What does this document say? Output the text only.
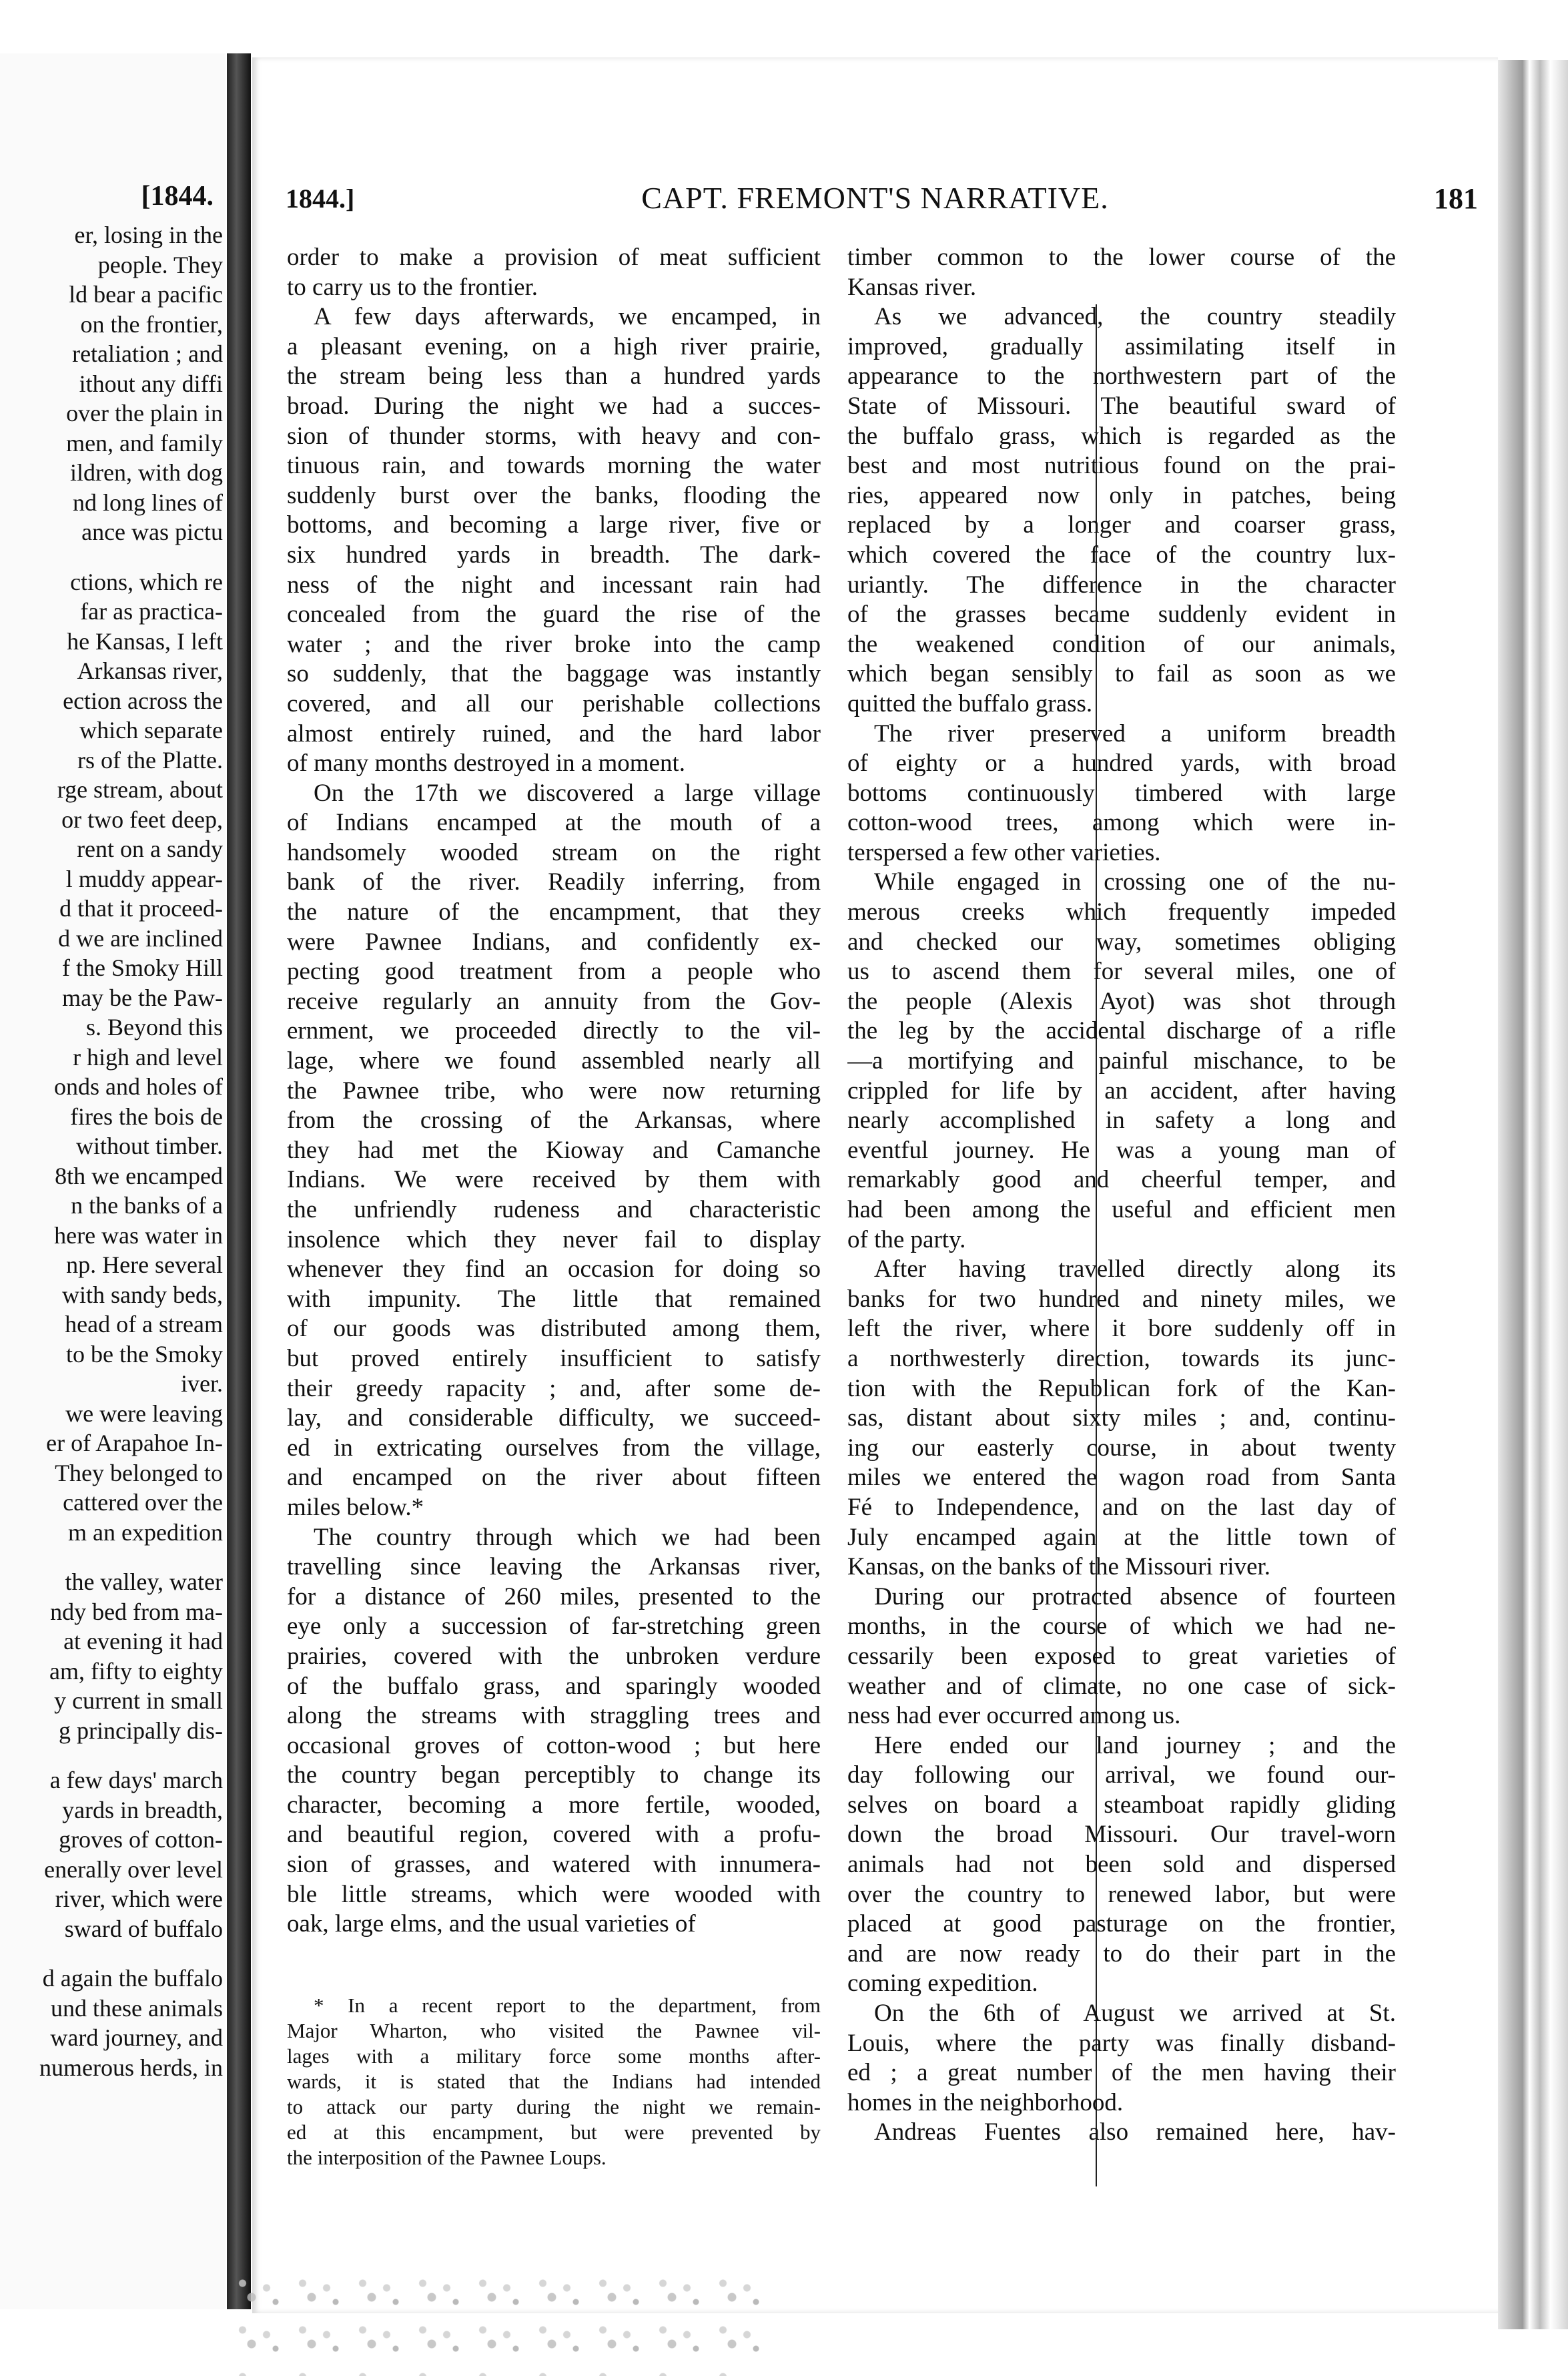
[1844.
er, losing in the
people. They
ld bear a pacific
on the frontier,
retaliation ; and
ithout any diffi
over the plain in
men, and family
ildren, with dog
nd long lines of
ance was pictu
ctions, which re
far as practica-
he Kansas, I left
Arkansas river,
ection across the
which separate
rs of the Platte.
rge stream, about
or two feet deep,
rent on a sandy
l muddy appear-
d that it proceed-
d we are inclined
f the Smoky Hill
may be the Paw-
s. Beyond this
r high and level
onds and holes of
fires the bois de
without timber.
8th we encamped
n the banks of a
here was water in
np. Here several
with sandy beds,
head of a stream
to be the Smoky
iver.
we were leaving
er of Arapahoe In-
They belonged to
cattered over the
m an expedition
the valley, water
ndy bed from ma-
at evening it had
am, fifty to eighty
y current in small
g principally dis-
a few days' march
yards in breadth,
groves of cotton-
enerally over level
river, which were
sward of buffalo
d again the buffalo
und these animals
ward journey, and
numerous herds, in
1844.]	CAPT. FREMONT'S NARRATIVE.	181
order to make a provision of meat sufficient
to carry us to the frontier.
A few days afterwards, we encamped, in
a pleasant evening, on a high river prairie,
the stream being less than a hundred yards
broad. During the night we had a succes-
sion of thunder storms, with heavy and con-
tinuous rain, and towards morning the water
suddenly burst over the banks, flooding the
bottoms, and becoming a large river, five or
six hundred yards in breadth. The dark-
ness of the night and incessant rain had
concealed from the guard the rise of the
water ; and the river broke into the camp
so suddenly, that the baggage was instantly
covered, and all our perishable collections
almost entirely ruined, and the hard labor
of many months destroyed in a moment.
On the 17th we discovered a large village
of Indians encamped at the mouth of a
handsomely wooded stream on the right
bank of the river. Readily inferring, from
the nature of the encampment, that they
were Pawnee Indians, and confidently ex-
pecting good treatment from a people who
receive regularly an annuity from the Gov-
ernment, we proceeded directly to the vil-
lage, where we found assembled nearly all
the Pawnee tribe, who were now returning
from the crossing of the Arkansas, where
they had met the Kioway and Camanche
Indians. We were received by them with
the unfriendly rudeness and characteristic
insolence which they never fail to display
whenever they find an occasion for doing so
with impunity. The little that remained
of our goods was distributed among them,
but proved entirely insufficient to satisfy
their greedy rapacity ; and, after some de-
lay, and considerable difficulty, we succeed-
ed in extricating ourselves from the village,
and encamped on the river about fifteen
miles below.*
The country through which we had been
travelling since leaving the Arkansas river,
for a distance of 260 miles, presented to the
eye only a succession of far-stretching green
prairies, covered with the unbroken verdure
of the buffalo grass, and sparingly wooded
along the streams with straggling trees and
occasional groves of cotton-wood ; but here
the country began perceptibly to change its
character, becoming a more fertile, wooded,
and beautiful region, covered with a profu-
sion of grasses, and watered with innumera-
ble little streams, which were wooded with
oak, large elms, and the usual varieties of
timber common to the lower course of the
Kansas river.
As we advanced, the country steadily
improved, gradually assimilating itself in
appearance to the northwestern part of the
State of Missouri. The beautiful sward of
the buffalo grass, which is regarded as the
best and most nutritious found on the prai-
ries, appeared now only in patches, being
replaced by a longer and coarser grass,
which covered the face of the country lux-
uriantly. The difference in the character
of the grasses became suddenly evident in
the weakened condition of our animals,
which began sensibly to fail as soon as we
quitted the buffalo grass.
The river preserved a uniform breadth
of eighty or a hundred yards, with broad
bottoms continuously timbered with large
cotton-wood trees, among which were in-
terspersed a few other varieties.
While engaged in crossing one of the nu-
merous creeks which frequently impeded
and checked our way, sometimes obliging
us to ascend them for several miles, one of
the people (Alexis Ayot) was shot through
the leg by the accidental discharge of a rifle
—a mortifying and painful mischance, to be
crippled for life by an accident, after having
nearly accomplished in safety a long and
eventful journey. He was a young man of
remarkably good and cheerful temper, and
had been among the useful and efficient men
of the party.
After having travelled directly along its
banks for two hundred and ninety miles, we
left the river, where it bore suddenly off in
a northwesterly direction, towards its junc-
tion with the Republican fork of the Kan-
sas, distant about sixty miles ; and, continu-
ing our easterly course, in about twenty
miles we entered the wagon road from Santa
Fé to Independence, and on the last day of
July encamped again at the little town of
Kansas, on the banks of the Missouri river.
During our protracted absence of fourteen
months, in the course of which we had ne-
cessarily been exposed to great varieties of
weather and of climate, no one case of sick-
ness had ever occurred among us.
Here ended our land journey ; and the
day following our arrival, we found our-
selves on board a steamboat rapidly gliding
down the broad Missouri. Our travel-worn
animals had not been sold and dispersed
over the country to renewed labor, but were
placed at good pasturage on the frontier,
and are now ready to do their part in the
coming expedition.
On the 6th of August we arrived at St.
Louis, where the party was finally disband-
ed ; a great number of the men having their
homes in the neighborhood.
Andreas Fuentes also remained here, hav-
* In a recent report to the department, from
Major Wharton, who visited the Pawnee vil-
lages with a military force some months after-
wards, it is stated that the Indians had intended
to attack our party during the night we remain-
ed at this encampment, but were prevented by
the interposition of the Pawnee Loups.
